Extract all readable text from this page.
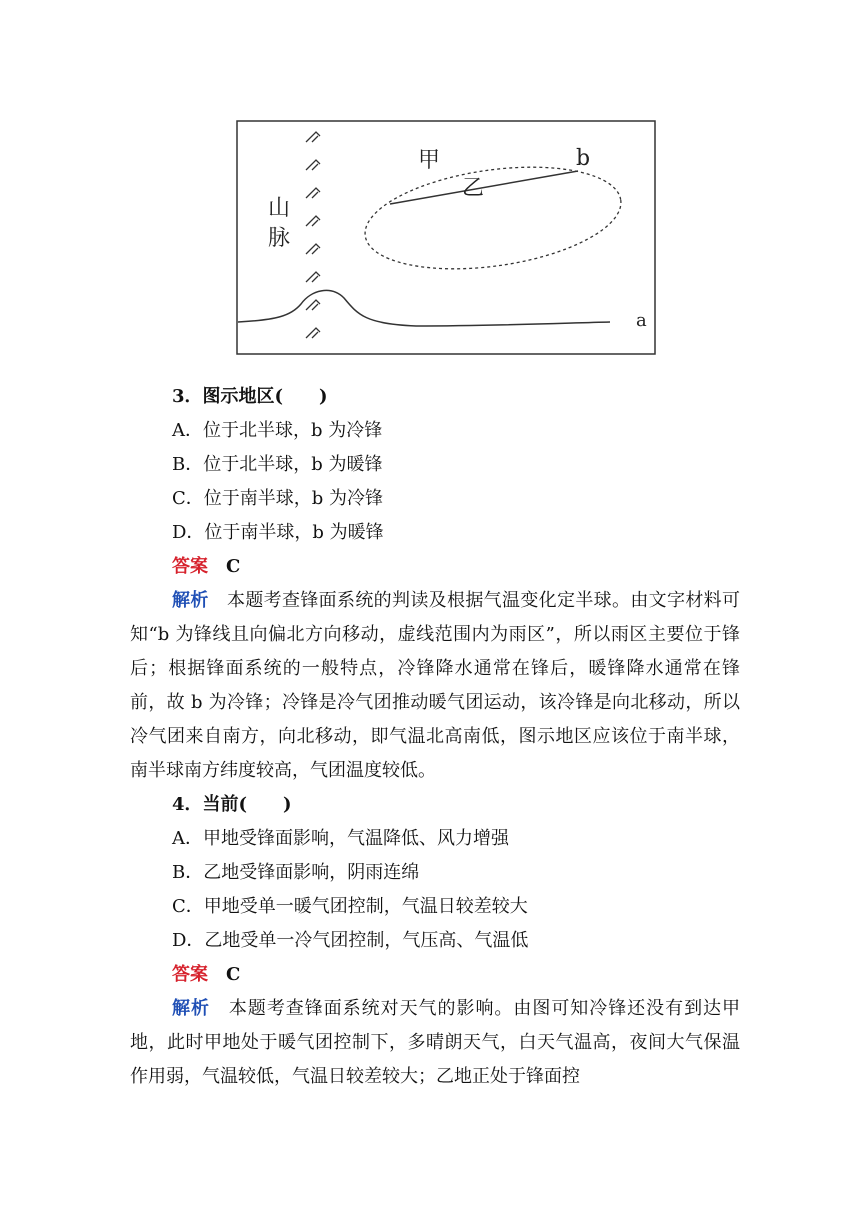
甲
乙
b
a
山
脉
3．图示地区(　　)
A．位于北半球，b 为冷锋
B．位于北半球，b 为暖锋
C．位于南半球，b 为冷锋
D．位于南半球，b 为暖锋
答案　 C

解析　 本题考查锋面系统的判读及根据气温变化定半球。由文字材料可知“b 为锋线且向偏北方向移动，虚线范围内为雨区”，所以雨区主要位于锋后；根据锋面系统的一般特点，冷锋降水通常在锋后，暖锋降水通常在锋前，故 b 为冷锋；冷锋是冷气团推动暖气团运动，该冷锋是向北移动，所以冷气团来自南方，向北移动，即气温北高南低，图示地区应该位于南半球，南半球南方纬度较高，气团温度较低。

4．当前(　　)
A．甲地受锋面影响，气温降低、风力增强
B．乙地受锋面影响，阴雨连绵
C．甲地受单一暖气团控制，气温日较差较大
D．乙地受单一冷气团控制，气压高、气温低
答案　 C

解析　 本题考查锋面系统对天气的影响。由图可知冷锋还没有到达甲地，此时甲地处于暖气团控制下，多晴朗天气，白天气温高，夜间大气保温作用弱，气温较低，气温日较差较大；乙地正处于锋面控
